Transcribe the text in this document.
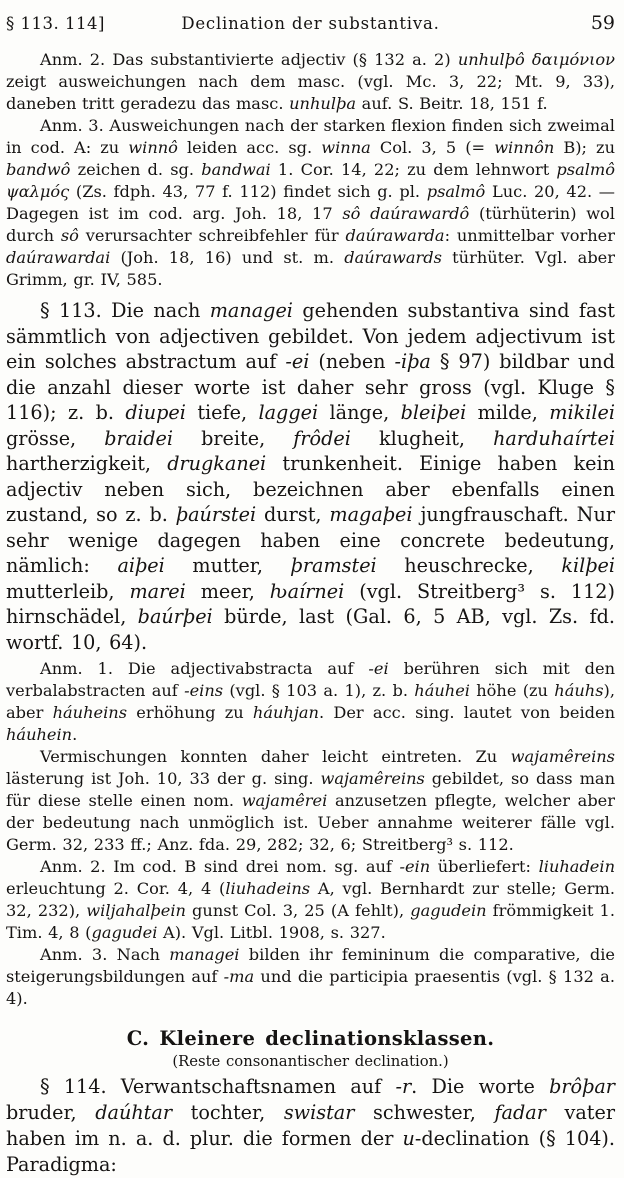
§ 113. 114]	Declination der substantiva.	59

Anm. 2. Das substantivierte adjectiv (§ 132 a. 2) unhulþô δαιμόνιον zeigt ausweichungen nach dem masc. (vgl. Mc. 3, 22; Mt. 9, 33), daneben tritt geradezu das masc. unhulþa auf. S. Beitr. 18, 151 f.

Anm. 3. Ausweichungen nach der starken flexion finden sich zweimal in cod. A: zu winnô leiden acc. sg. winna Col. 3, 5 (= winnôn B); zu bandwô zeichen d. sg. bandwai 1. Cor. 14, 22; zu dem lehnwort psalmô ψαλμός (Zs. fdph. 43, 77 f. 112) findet sich g. pl. psalmô Luc. 20, 42. — Dagegen ist im cod. arg. Joh. 18, 17 sô daúrawardô (türhüterin) wol durch sô verursachter schreibfehler für daúrawarda: unmittelbar vorher daúrawardai (Joh. 18, 16) und st. m. daúrawards türhüter. Vgl. aber Grimm, gr. IV, 585.

§ 113. Die nach managei gehenden substantiva sind fast sämmtlich von adjectiven gebildet. Von jedem adjectivum ist ein solches abstractum auf -ei (neben -iþa § 97) bildbar und die anzahl dieser worte ist daher sehr gross (vgl. Kluge § 116); z. b. diupei tiefe, laggei länge, bleiþei milde, mikilei grösse, braidei breite, frôdei klugheit, harduhaírtei hartherzigkeit, drugkanei trunkenheit. Einige haben kein adjectiv neben sich, bezeichnen aber ebenfalls einen zustand, so z. b. þaúrstei durst, magaþei jungfrauschaft. Nur sehr wenige dagegen haben eine concrete bedeutung, nämlich: aiþei mutter, þramstei heuschrecke, kilþei mutterleib, marei meer, ƕaírnei (vgl. Streitberg³ s. 112) hirnschädel, baúrþei bürde, last (Gal. 6, 5 AB, vgl. Zs. fd. wortf. 10, 64).

Anm. 1. Die adjectivabstracta auf -ei berühren sich mit den verbalabstracten auf -eins (vgl. § 103 a. 1), z. b. háuhei höhe (zu háuhs), aber háuheins erhöhung zu háuhjan. Der acc. sing. lautet von beiden háuhein.

Vermischungen konnten daher leicht eintreten. Zu wajamêreins lästerung ist Joh. 10, 33 der g. sing. wajamêreins gebildet, so dass man für diese stelle einen nom. wajamêrei anzusetzen pflegte, welcher aber der bedeutung nach unmöglich ist. Ueber annahme weiterer fälle vgl. Germ. 32, 233 ff.; Anz. fda. 29, 282; 32, 6; Streitberg³ s. 112.

Anm. 2. Im cod. B sind drei nom. sg. auf -ein überliefert: liuhadein erleuchtung 2. Cor. 4, 4 (liuhadeins A, vgl. Bernhardt zur stelle; Germ. 32, 232), wiljahalþein gunst Col. 3, 25 (A fehlt), gagudein frömmigkeit 1. Tim. 4, 8 (gagudei A). Vgl. Litbl. 1908, s. 327.

Anm. 3. Nach managei bilden ihr femininum die comparative, die steigerungsbildungen auf -ma und die participia praesentis (vgl. § 132 a. 4).

C. Kleinere declinationsklassen.
(Reste consonantischer declination.)

§ 114. Verwantschaftsnamen auf -r. Die worte brôþar bruder, daúhtar tochter, swistar schwester, fadar vater haben im n. a. d. plur. die formen der u-declination (§ 104). Paradigma:
